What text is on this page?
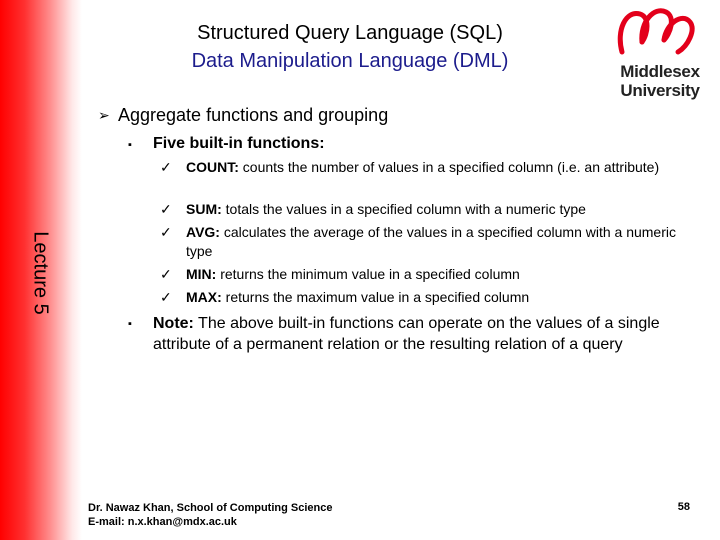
Lecture 5
Structured Query Language (SQL)
Data Manipulation Language (DML)	Middlesex
University
➢ Aggregate functions and grouping
▪ Five built-in functions:
✓ COUNT: counts the number of values in a specified column (i.e. an attribute)
✓ SUM: totals the values in a specified column with a numeric type
✓ AVG: calculates the average of the values in a specified column with a numeric type
✓ MIN: returns the minimum value in a specified column
✓ MAX: returns the maximum value in a specified column
▪ Note: The above built-in functions can operate on the values of a single attribute of a permanent relation or the resulting relation of a query
Dr. Nawaz Khan, School of Computing Science
E-mail: n.x.khan@mdx.ac.uk
58
